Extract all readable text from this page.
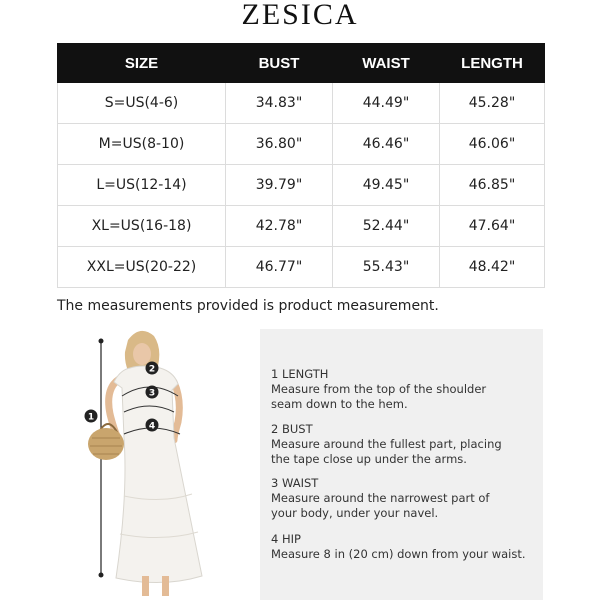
ZESICA
SIZE	BUST	WAIST	LENGTH
S=US(4-6)	34.83"	44.49"	45.28"
M=US(8-10)	36.80"	46.46"	46.06"
L=US(12-14)	39.79"	49.45"	46.85"
XL=US(16-18)	42.78"	52.44"	47.64"
XXL=US(20-22)	46.77"	55.43"	48.42"
The measurements provided is product measurement.
1
2
3
4
1 LENGTH
Measure from the top of the shoulder
seam down to the hem.
2 BUST
Measure around the fullest part, placing
the tape close up under the arms.
3 WAIST
Measure around the narrowest part of
your body, under your navel.
4 HIP
Measure 8 in (20 cm) down from your waist.
